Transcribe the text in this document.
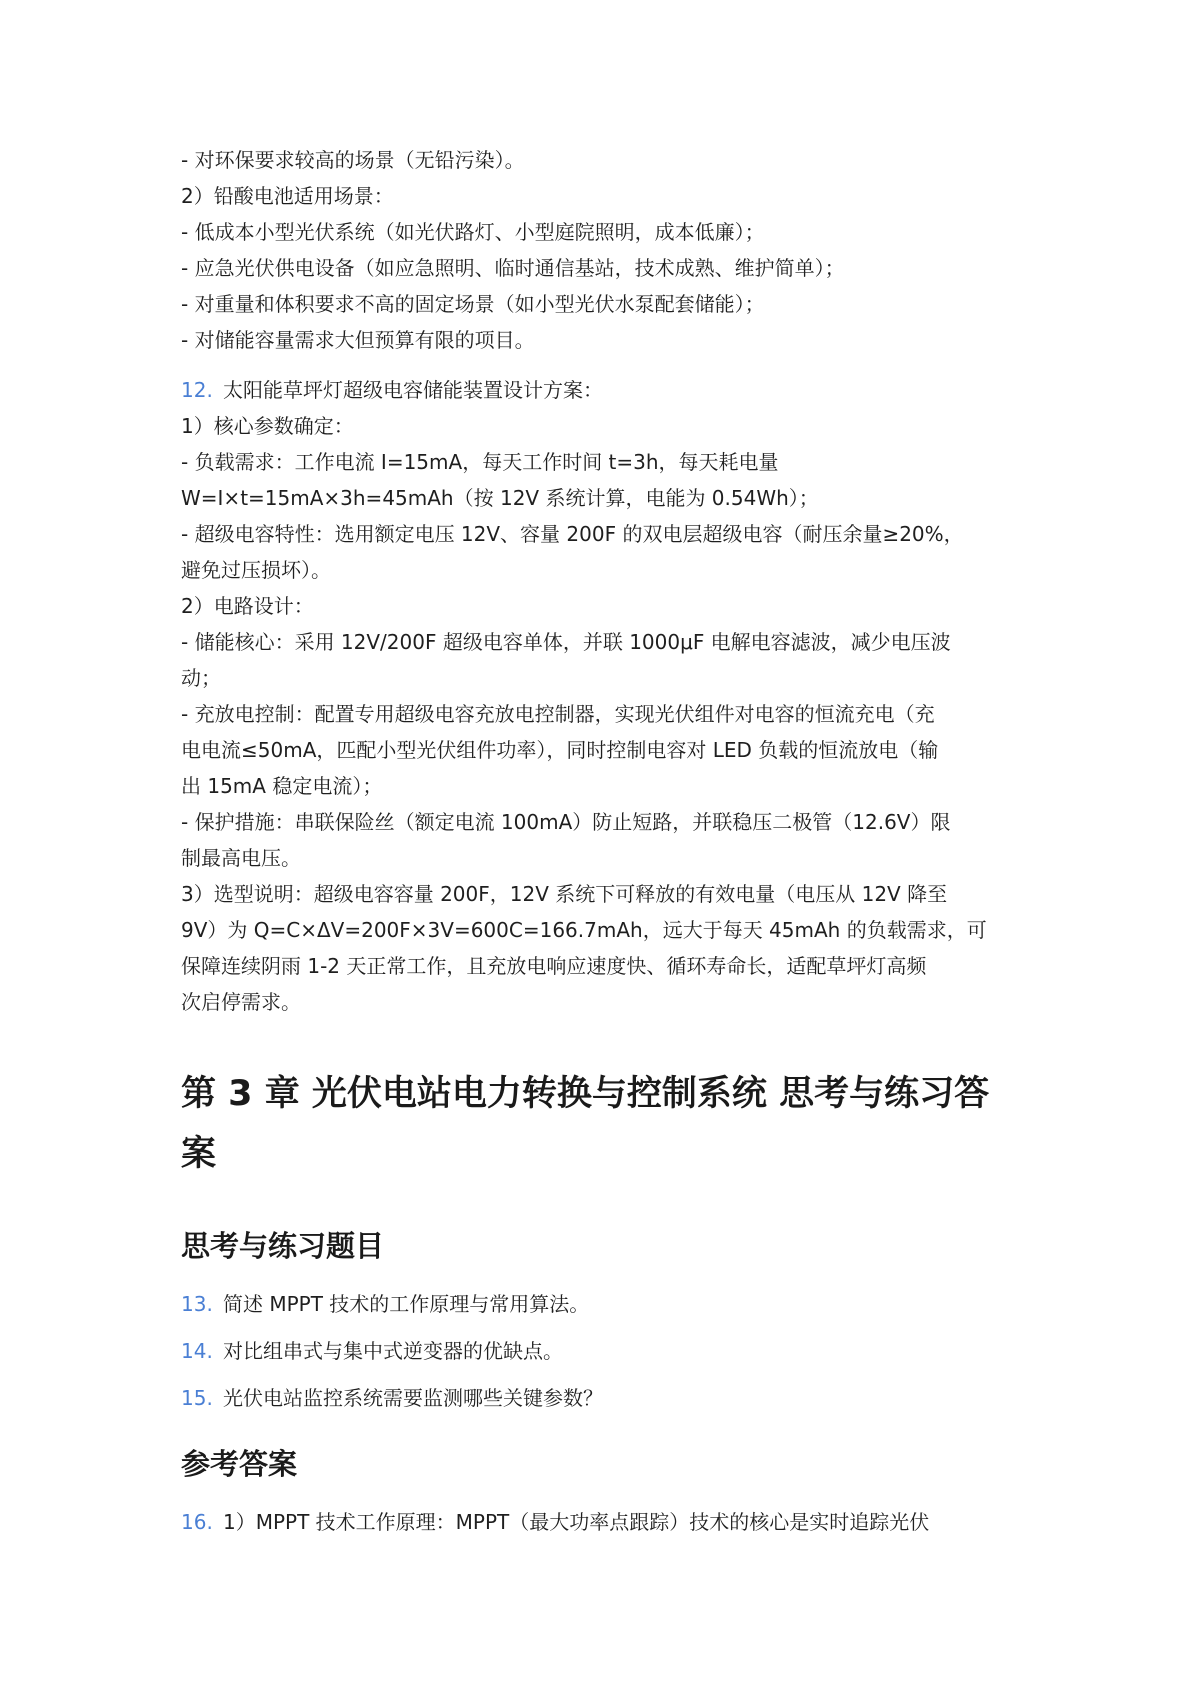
- 对环保要求较高的场景（无铅污染）。

2）铅酸电池适用场景：

- 低成本小型光伏系统（如光伏路灯、小型庭院照明，成本低廉）；

- 应急光伏供电设备（如应急照明、临时通信基站，技术成熟、维护简单）；

- 对重量和体积要求不高的固定场景（如小型光伏水泵配套储能）；

- 对储能容量需求大但预算有限的项目。

12. 太阳能草坪灯超级电容储能装置设计方案：

1）核心参数确定：

- 负载需求：工作电流 I=15mA，每天工作时间 t=3h，每天耗电量

W=I×t=15mA×3h=45mAh（按 12V 系统计算，电能为 0.54Wh）；

- 超级电容特性：选用额定电压 12V、容量 200F 的双电层超级电容（耐压余量≥20%，

避免过压损坏）。

2）电路设计：

- 储能核心：采用 12V/200F 超级电容单体，并联 1000μF 电解电容滤波，减少电压波

动；

- 充放电控制：配置专用超级电容充放电控制器，实现光伏组件对电容的恒流充电（充

电电流≤50mA，匹配小型光伏组件功率），同时控制电容对 LED 负载的恒流放电（输

出 15mA 稳定电流）；

- 保护措施：串联保险丝（额定电流 100mA）防止短路，并联稳压二极管（12.6V）限

制最高电压。

3）选型说明：超级电容容量 200F，12V 系统下可释放的有效电量（电压从 12V 降至

9V）为 Q=C×ΔV=200F×3V=600C=166.7mAh，远大于每天 45mAh 的负载需求，可

保障连续阴雨 1-2 天正常工作，且充放电响应速度快、循环寿命长，适配草坪灯高频

次启停需求。

第 3 章 光伏电站电力转换与控制系统 思考与练习答
案
思考与练习题目

13. 简述 MPPT 技术的工作原理与常用算法。

14. 对比组串式与集中式逆变器的优缺点。

15. 光伏电站监控系统需要监测哪些关键参数？

参考答案

16. 1）MPPT 技术工作原理：MPPT（最大功率点跟踪）技术的核心是实时追踪光伏
